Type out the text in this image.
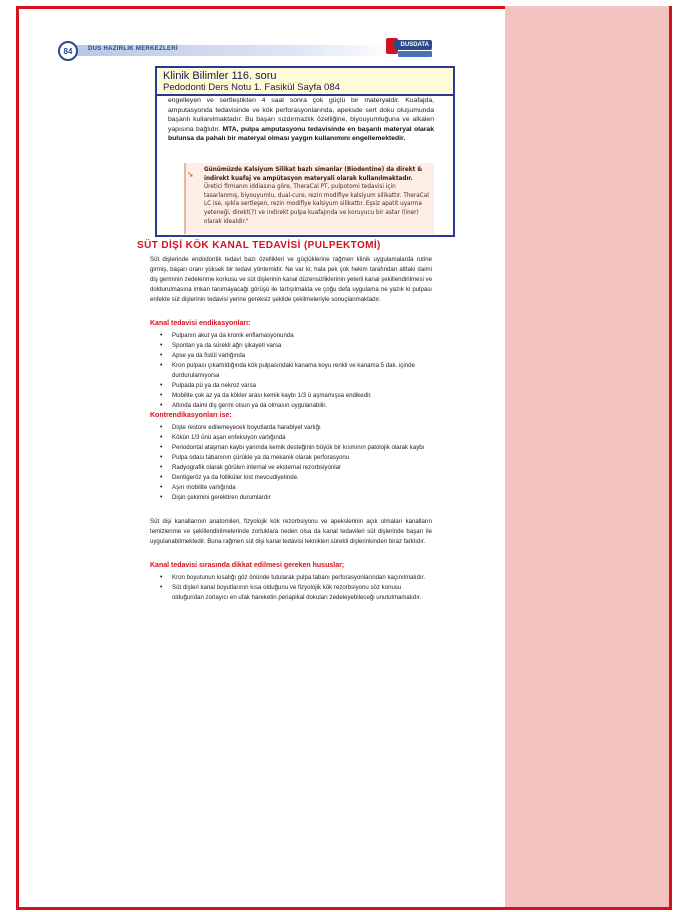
84	DUS HAZIRLIK MERKEZLERİ
DUSDATA
engelleyen ve sertleştikten 4 saat sonra çok güçlü bir materyaldir. Kuafajda, amputasyonda tedavisinde ve kök perforasyonlarında, apeksde sert doku oluşumunda başarılı kullanılmaktadır. Bu başarı sızdırmazlık özelliğine, biyouyumluğuna ve alkalen yapısına bağlıdır. MTA, pulpa amputasyonu tedavisinde en başarılı materyal olarak bulunsa da pahalı bir materyal olması yaygın kullanımını engellemektedir.
➘ Günümüzde Kalsiyum Silikat bazlı simanlar (Biodentine) da direkt & indirekt kuafaj ve ampütasyon materyali olarak kullanılmaktadır.
Üretici firmanın iddiasına göre, TheraCal PT, pulpotomi tedavisi için tasarlanmış, biyouyumlu, dual-cure, rezin modifiye kalsiyum silikattır. TheraCal LC ise, ışıkla sertleşen, rezin modifiye kalsiyum silikattır. Eşsiz apatit uyarma yeteneği, direkt(?) ve indirekt pulpa kuafajında ve koruyucu bir astar (liner) olarak idealdir."
Klinik Bilimler 116. soru
Pedodonti Ders Notu 1. Fasikül Sayfa 084
SÜT DİŞİ KÖK KANAL TEDAVİSİ (PULPEKTOMİ)
Süt dişlerinde endodontik tedavi bazı özellikleri ve güçlüklerine rağmen klinik uygulamalarda rutine girmiş, başarı oranı yüksek bir tedavi yöntemidir. Ne var ki; hala pek çok hekim tarafından alttaki daimi diş germinin zedelenme korkusu ve süt dişlerinin kanal düzensizliklerinin yeterli kanal şekillendirilmesi ve doldurulmasına imkan tanımayacağı görüşü ile tartışılmakta ve çoğu defa uygulama ne yazık ki pulpası enfekte süt dişlerinin tedavisi yerine gereksiz şekilde çekilmeleriyle sonuçlanmaktadır.
Kanal tedavisi endikasyonları:
• Pulpanın akut ya da kronik enflamasyonunda
• Spontan ya da sürekli ağrı şikayeti varsa
• Apse ya da fistül varlığında
• Kron pulpası çıkartıldığında kök pulpasındaki kanama koyu renkli ve kanama 5 dak. içinde durdurulamıyorsa
• Pulpada pü ya da nekroz varsa
• Mobilite çok az ya da kökler arası kemik kaybı 1/3 ü aşmamışsa endikedir.
• Altında daimi diş germi olsun ya da olmasın uygulanabilir.
Kontrendikasyonları ise:
• Dişte restore edilemeyecek boyutlarda harabiyet varlığı
• Kökün 1/3 ünü aşan enfeksiyon varlığında
• Periodontal ataşman kaybı yanında kemik desteğinin büyük bir kısmının patolojik olarak kaybı
• Pulpa odası tabanının çürükle ya da mekanik olarak perforasyonu
• Radyografik olarak görülen internal ve eksternal rezorbsiyonlar
• Dentigeröz ya da folliküler kist mevcudiyetinde.
• Aşırı mobilite varlığında
• Dişin çekimini gerektiren durumlardır
Süt dişi kanallarının anatomileri, fizyolojik kök rezorbsiyonu ve apekslerinin açık olmaları kanalların temizlenme ve şekillendirilmelerinde zorluklara neden olsa da kanal tedavileri süt dişlerinde başarı ile uygulanabilmektedir. Buna rağmen süt dişi kanal tedavisi teknikleri sürekli dişlerinkinden biraz farklıdır.
Kanal tedavisi sırasında dikkat edilmesi gereken hususlar;
• Kron boyutunun kısalığı göz önünde tutularak pulpa tabanı perforasyonlarından kaçınılmalıdır.
• Süt dişleri kanal boyutlarının kısa olduğunu ve fizyolojik kök rezorbsiyonu söz konusu olduğundan zorlayıcı en ufak hareketin periapikal dokuları zedeleyebileceği unutulmamalıdır.
